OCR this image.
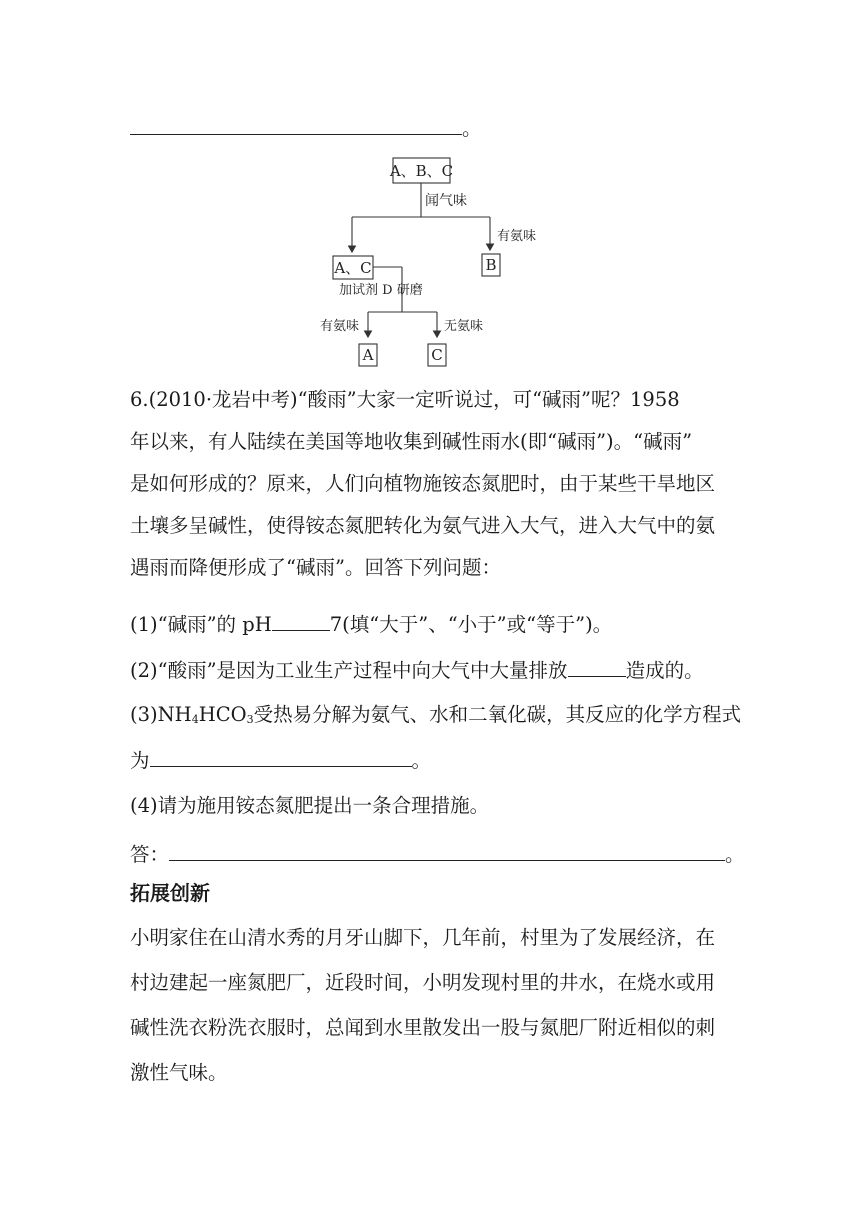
。
A、B、C
闻气味
有氨味
B
A、C
加试剂 D 研磨
有氨味	无氨味
A	C
6.(2010·龙岩中考)“酸雨”大家一定听说过，可“碱雨”呢？1958
年以来，有人陆续在美国等地收集到碱性雨水(即“碱雨”)。“碱雨”
是如何形成的？原来，人们向植物施铵态氮肥时，由于某些干旱地区
土壤多呈碱性，使得铵态氮肥转化为氨气进入大气，进入大气中的氨
遇雨而降便形成了“碱雨”。回答下列问题：
(1)“碱雨”的 pH	7(填“大于”、“小于”或“等于”)。
(2)“酸雨”是因为工业生产过程中向大气中大量排放	造成的。
$(3)NH_4HCO_3$受热易分解为氨气、水和二氧化碳，其反应的化学方程式
为	。
(4)请为施用铵态氮肥提出一条合理措施。
答：	。
拓展创新
小明家住在山清水秀的月牙山脚下，几年前，村里为了发展经济，在
村边建起一座氮肥厂，近段时间，小明发现村里的井水，在烧水或用
碱性洗衣粉洗衣服时，总闻到水里散发出一股与氮肥厂附近相似的刺
激性气味。
